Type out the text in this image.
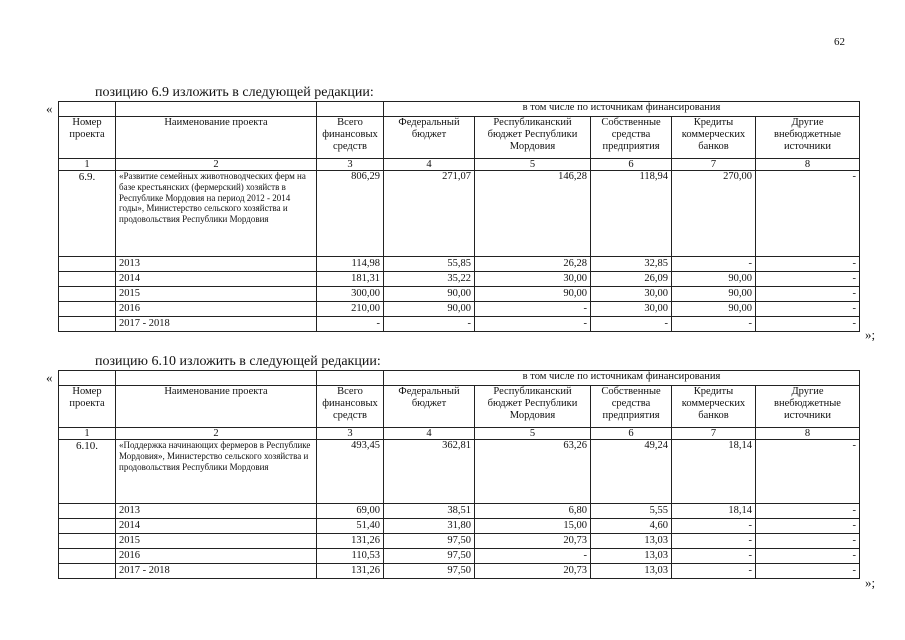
62
позицию 6.9 изложить в следующей редакции:
«
»;
			в том числе по источникам финансирования				
Номер проекта	Наименование проекта	Всего финансовых средств	Федеральный бюджет	Республиканский бюджет Республики Мордовия	Собственные средства предприятия	Кредиты коммерческих банков	Другие внебюджетные источники
1	2	3	4	5	6	7	8
6.9.	«Развитие семейных животноводческих ферм на базе крестьянских (фермерский) хозяйств в Республике Мордовия на период 2012 - 2014 годы», Министерство сельского хозяйства и продовольствия Республики Мордовия	806,29	271,07	146,28	118,94	270,00	-
	2013	114,98	55,85	26,28	32,85	-	-
	2014	181,31	35,22	30,00	26,09	90,00	-
	2015	300,00	90,00	90,00	30,00	90,00	-
	2016	210,00	90,00	-	30,00	90,00	-
	2017 - 2018	-	-	-	-	-	-
позицию 6.10 изложить в следующей редакции:
«
»;
			в том числе по источникам финансирования				
Номер проекта	Наименование проекта	Всего финансовых средств	Федеральный бюджет	Республиканский бюджет Республики Мордовия	Собственные средства предприятия	Кредиты коммерческих банков	Другие внебюджетные источники
1	2	3	4	5	6	7	8
6.10.	«Поддержка начинающих фермеров в Республике Мордовия», Министерство сельского хозяйства и продовольствия Республики Мордовия	493,45	362,81	63,26	49,24	18,14	-
	2013	69,00	38,51	6,80	5,55	18,14	-
	2014	51,40	31,80	15,00	4,60	-	-
	2015	131,26	97,50	20,73	13,03	-	-
	2016	110,53	97,50	-	13,03	-	-
	2017 - 2018	131,26	97,50	20,73	13,03	-	-
